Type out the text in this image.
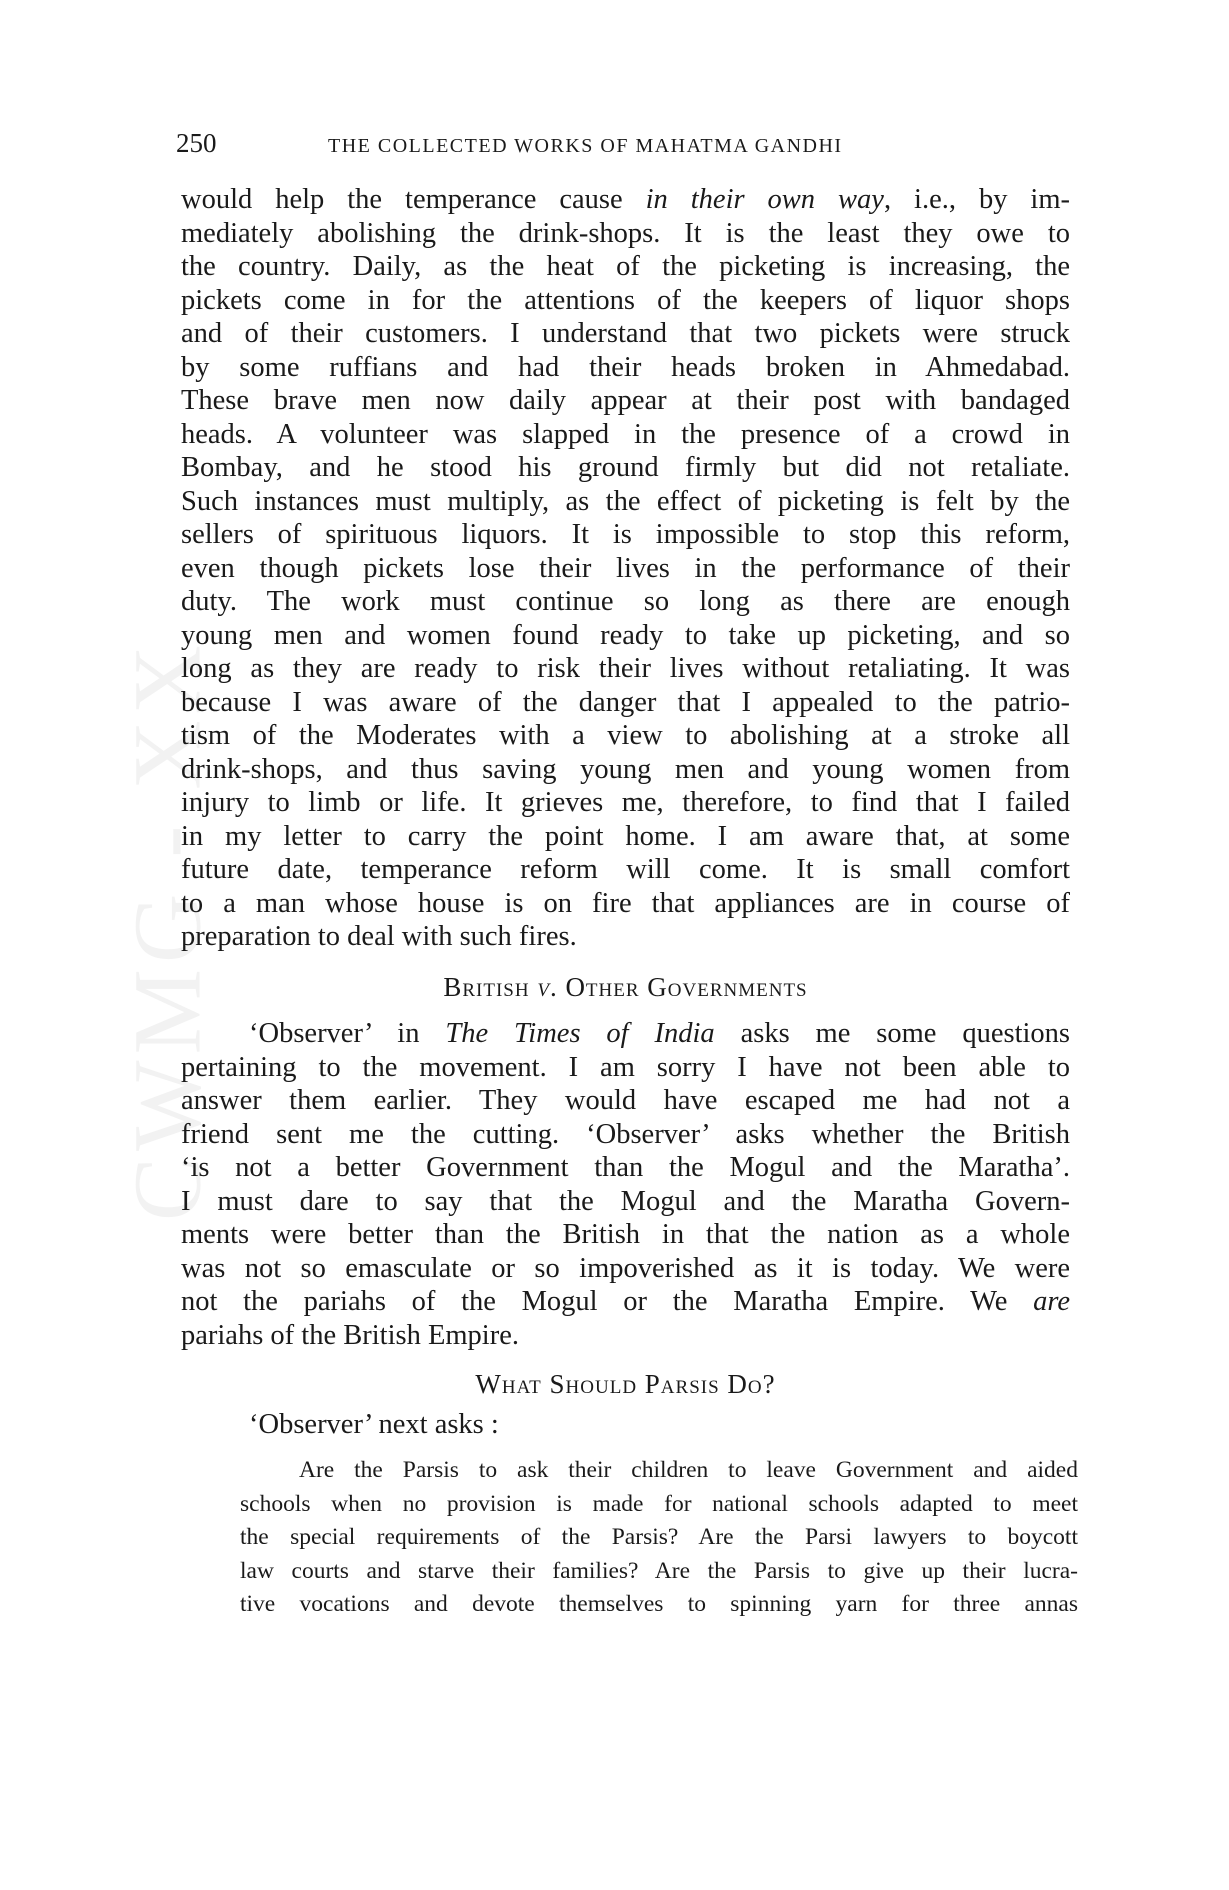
CWMG - XX
250	THE COLLECTED WORKS OF MAHATMA GANDHI
would help the temperance cause in their own way, i.e., by im-
mediately abolishing the drink-shops. It is the least they owe to
the country. Daily, as the heat of the picketing is increasing, the
pickets come in for the attentions of the keepers of liquor shops
and of their customers. I understand that two pickets were struck
by some ruffians and had their heads broken in Ahmedabad.
These brave men now daily appear at their post with bandaged
heads. A volunteer was slapped in the presence of a crowd in
Bombay, and he stood his ground firmly but did not retaliate.
Such instances must multiply, as the effect of picketing is felt by the
sellers of spirituous liquors. It is impossible to stop this reform,
even though pickets lose their lives in the performance of their
duty. The work must continue so long as there are enough
young men and women found ready to take up picketing, and so
long as they are ready to risk their lives without retaliating. It was
because I was aware of the danger that I appealed to the patrio-
tism of the Moderates with a view to abolishing at a stroke all
drink-shops, and thus saving young men and young women from
injury to limb or life. It grieves me, therefore, to find that I failed
in my letter to carry the point home. I am aware that, at some
future date, temperance reform will come. It is small comfort
to a man whose house is on fire that appliances are in course of
preparation to deal with such fires.
‘Observer’ in The Times of India asks me some questions
pertaining to the movement. I am sorry I have not been able to
answer them earlier. They would have escaped me had not a
friend sent me the cutting. ‘Observer’ asks whether the British
‘is not a better Government than the Mogul and the Maratha’.
I must dare to say that the Mogul and the Maratha Govern-
ments were better than the British in that the nation as a whole
was not so emasculate or so impoverished as it is today. We were
not the pariahs of the Mogul or the Maratha Empire. We are
pariahs of the British Empire.
‘Observer’ next asks :
Are the Parsis to ask their children to leave Government and aided
schools when no provision is made for national schools adapted to meet
the special requirements of the Parsis? Are the Parsi lawyers to boycott
law courts and starve their families? Are the Parsis to give up their lucra-
tive vocations and devote themselves to spinning yarn for three annas
British v. Other Governments
What Should Parsis Do?
